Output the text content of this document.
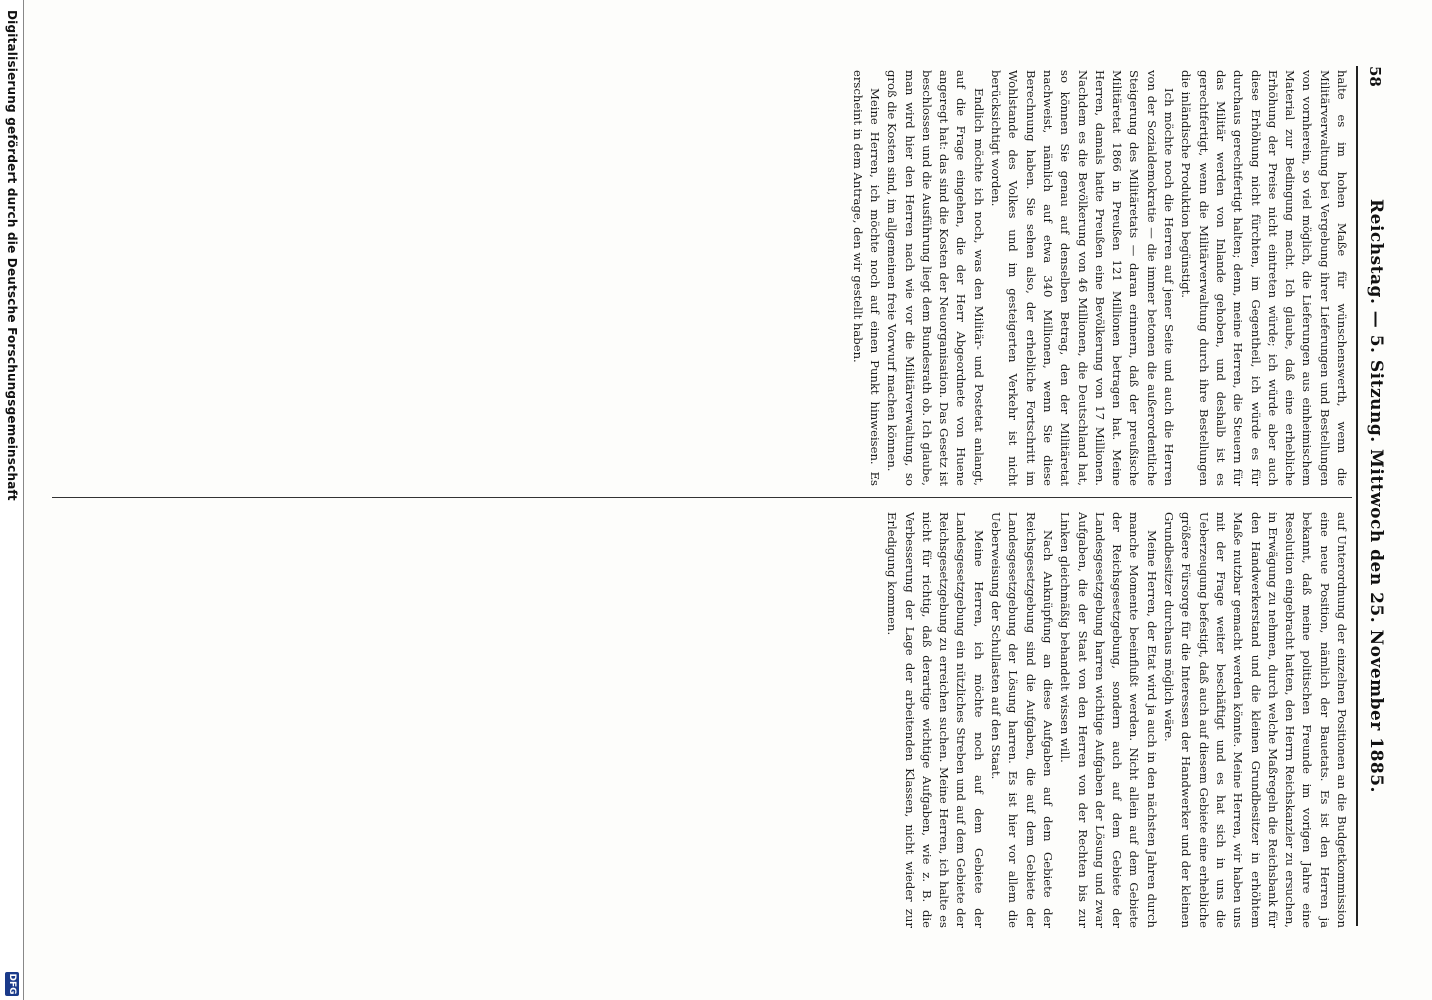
58
Reichstag. — 5. Sitzung. Mittwoch den 25. November 1885.

halte es im hohen Maße für wünschenswerth, wenn die Militärverwaltung bei Vergebung ihrer Lieferungen und Bestellungen von vornherein, so viel möglich, die Lieferungen aus einheimischem Material zur Bedingung macht. Ich glaube, daß eine erhebliche Erhöhung der Preise nicht eintreten würde; ich würde aber auch diese Erhöhung nicht fürchten, im Gegentheil, ich würde es für durchaus gerechtfertigt halten; denn, meine Herren, die Steuern für das Militär werden von Inlande gehoben, und deshalb ist es gerechtfertigt, wenn die Militärverwaltung durch ihre Bestellungen die inländische Produktion begünstigt.

Ich möchte noch die Herren auf jener Seite und auch die Herren von der Sozialdemokratie — die immer betonen die außerordentliche Steigerung des Militäretats — daran erinnern, daß der preußische Militäretat 1866 in Preußen 121 Millionen betragen hat. Meine Herren, damals hatte Preußen eine Bevölkerung von 17 Millionen. Nachdem es die Bevölkerung von 46 Millionen, die Deutschland hat, so können Sie genau auf denselben Betrag, den der Militäretat nachweist, nämlich auf etwa 340 Millionen, wenn Sie diese Berechnung haben. Sie sehen also, der erhebliche Fortschritt im Wohlstande des Volkes und im gesteigerten Verkehr ist nicht berücksichtigt worden.

Endlich möchte ich noch, was den Militär- und Postetat anlangt, auf die Frage eingehen, die der Herr Abgeordnete von Huene angeregt hat: das sind die Kosten der Neuorganisation. Das Gesetz ist beschlossen und die Ausführung liegt dem Bundesrath ob. Ich glaube, man wird hier den Herren nach wie vor die Militärverwaltung, so groß die Kosten sind, im allgemeinen freie Vorwurf machen können.

Meine Herren, ich möchte noch auf einen Punkt hinweisen. Es erscheint in dem Antrage, den wir gestellt haben.

auf Unterordnung der einzelnen Positionen an die Budgetkommission eine neue Position, nämlich der Bauetats. Es ist den Herren ja bekannt, daß meine politischen Freunde im vorigen Jahre eine Resolution eingebracht hatten, den Herrn Reichskanzler zu ersuchen, in Erwägung zu nehmen, durch welche Maßregeln die Reichsbank für den Handwerkerstand und die kleinen Grundbesitzer in erhöhtem Maße nutzbar gemacht werden könnte. Meine Herren, wir haben uns mit der Frage weiter beschäftigt und es hat sich in uns die Ueberzeugung befestigt, daß auch auf diesem Gebiete eine erhebliche größere Fürsorge für die Interessen der Handwerker und der kleinen Grundbesitzer durchaus möglich wäre.

Meine Herren, der Etat wird ja auch in den nächsten Jahren durch manche Momente beeinflußt werden. Nicht allein auf dem Gebiete der Reichsgesetzgebung, sondern auch auf dem Gebiete der Landesgesetzgebung harren wichtige Aufgaben der Lösung und zwar Aufgaben, die der Staat von den Herren von der Rechten bis zur Linken gleichmäßig behandelt wissen will.

Nach Anknüpfung an diese Aufgaben auf dem Gebiete der Reichsgesetzgebung sind die Aufgaben, die auf dem Gebiete der Landesgesetzgebung der Lösung harren. Es ist hier vor allem die Ueberweisung der Schullasten auf den Staat.

Meine Herren, ich möchte noch auf dem Gebiete der Landesgesetzgebung ein nützliches Streben und auf dem Gebiete der Reichsgesetzgebung zu erreichen suchen. Meine Herren, ich halte es nicht für richtig, daß derartige wichtige Aufgaben, wie z. B. die Verbesserung der Lage der arbeitenden Klassen, nicht wieder zur Erledigung kommen.

Digitalisierung gefördert durch die Deutsche Forschungsgemeinschaft
DFG
